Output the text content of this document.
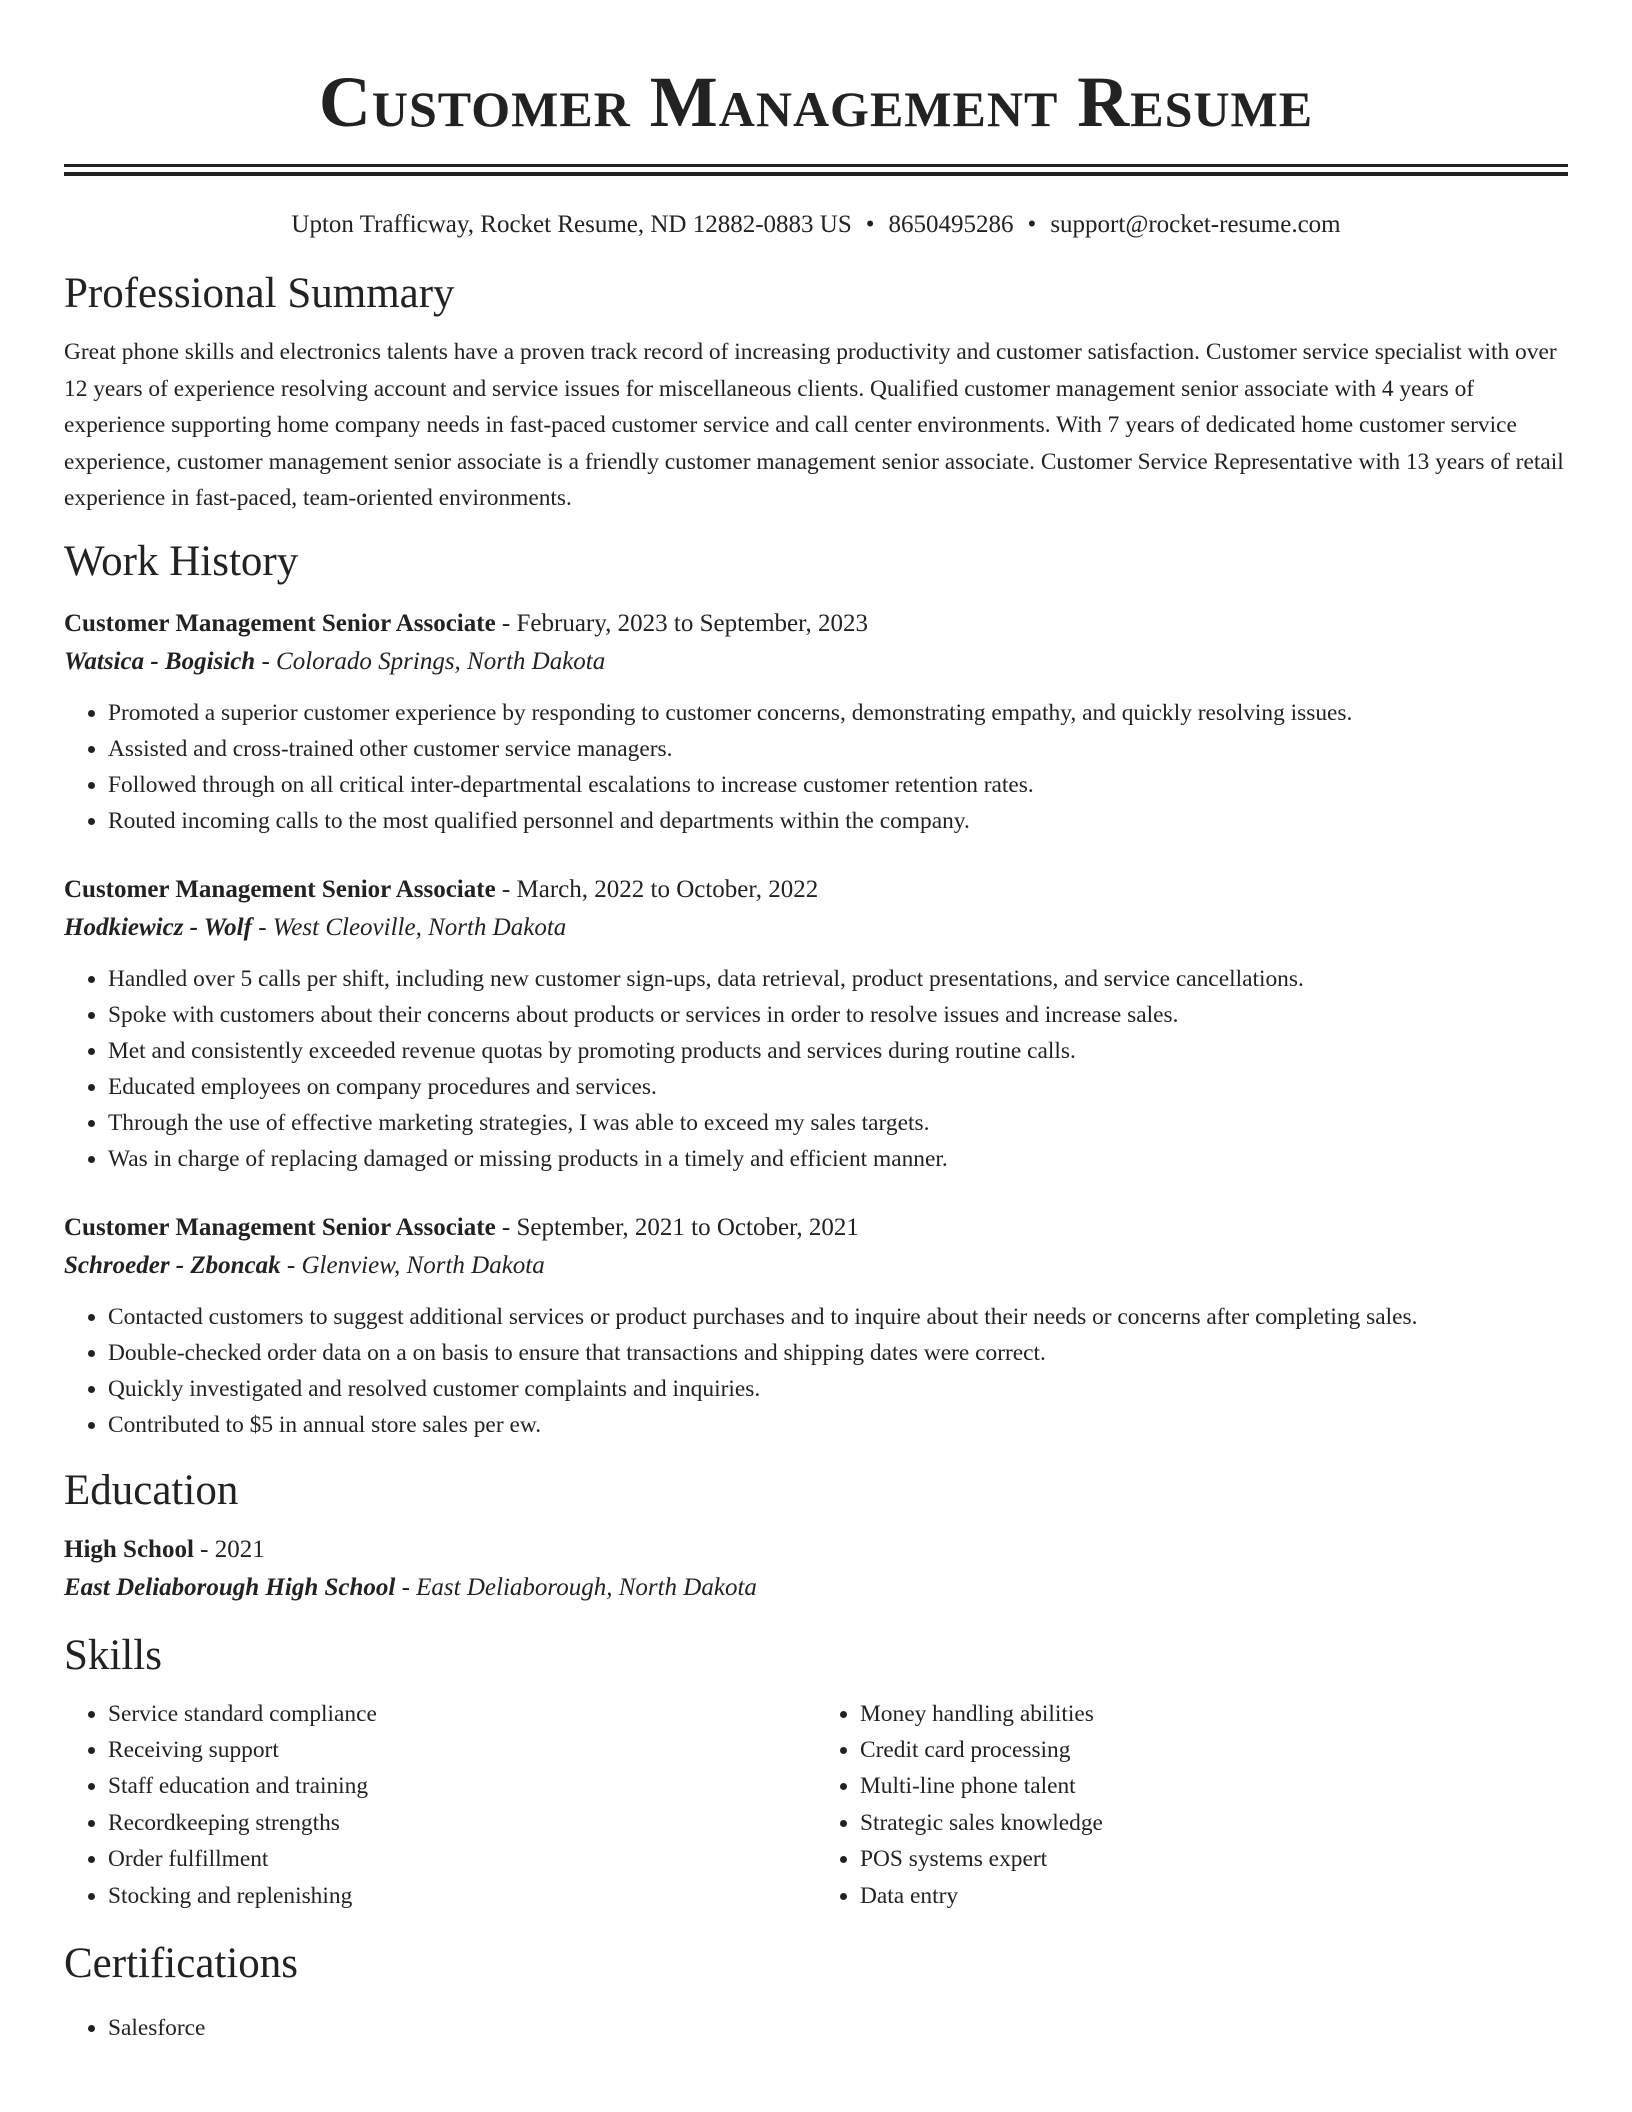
Customer Management Resume
Upton Trafficway, Rocket Resume, ND 12882-0883 US • 8650495286 • support@rocket-resume.com
Professional Summary

Great phone skills and electronics talents have a proven track record of increasing productivity and customer satisfaction. Customer service specialist with over 12 years of experience resolving account and service issues for miscellaneous clients. Qualified customer management senior associate with 4 years of experience supporting home company needs in fast-paced customer service and call center environments. With 7 years of dedicated home customer service experience, customer management senior associate is a friendly customer management senior associate. Customer Service Representative with 13 years of retail experience in fast-paced, team-oriented environments.

Work History
Customer Management Senior Associate - February, 2023 to September, 2023
Watsica - Bogisich - Colorado Springs, North Dakota
• Promoted a superior customer experience by responding to customer concerns, demonstrating empathy, and quickly resolving issues.
• Assisted and cross-trained other customer service managers.
• Followed through on all critical inter-departmental escalations to increase customer retention rates.
• Routed incoming calls to the most qualified personnel and departments within the company.
Customer Management Senior Associate - March, 2022 to October, 2022
Hodkiewicz - Wolf - West Cleoville, North Dakota
• Handled over 5 calls per shift, including new customer sign-ups, data retrieval, product presentations, and service cancellations.
• Spoke with customers about their concerns about products or services in order to resolve issues and increase sales.
• Met and consistently exceeded revenue quotas by promoting products and services during routine calls.
• Educated employees on company procedures and services.
• Through the use of effective marketing strategies, I was able to exceed my sales targets.
• Was in charge of replacing damaged or missing products in a timely and efficient manner.
Customer Management Senior Associate - September, 2021 to October, 2021
Schroeder - Zboncak - Glenview, North Dakota
• Contacted customers to suggest additional services or product purchases and to inquire about their needs or concerns after completing sales.
• Double-checked order data on a on basis to ensure that transactions and shipping dates were correct.
• Quickly investigated and resolved customer complaints and inquiries.
• Contributed to $5 in annual store sales per ew.
Education
High School - 2021
East Deliaborough High School - East Deliaborough, North Dakota
Skills
• Service standard compliance
• Receiving support
• Staff education and training
• Recordkeeping strengths
• Order fulfillment
• Stocking and replenishing
• Money handling abilities
• Credit card processing
• Multi-line phone talent
• Strategic sales knowledge
• POS systems expert
• Data entry
Certifications
• Salesforce
